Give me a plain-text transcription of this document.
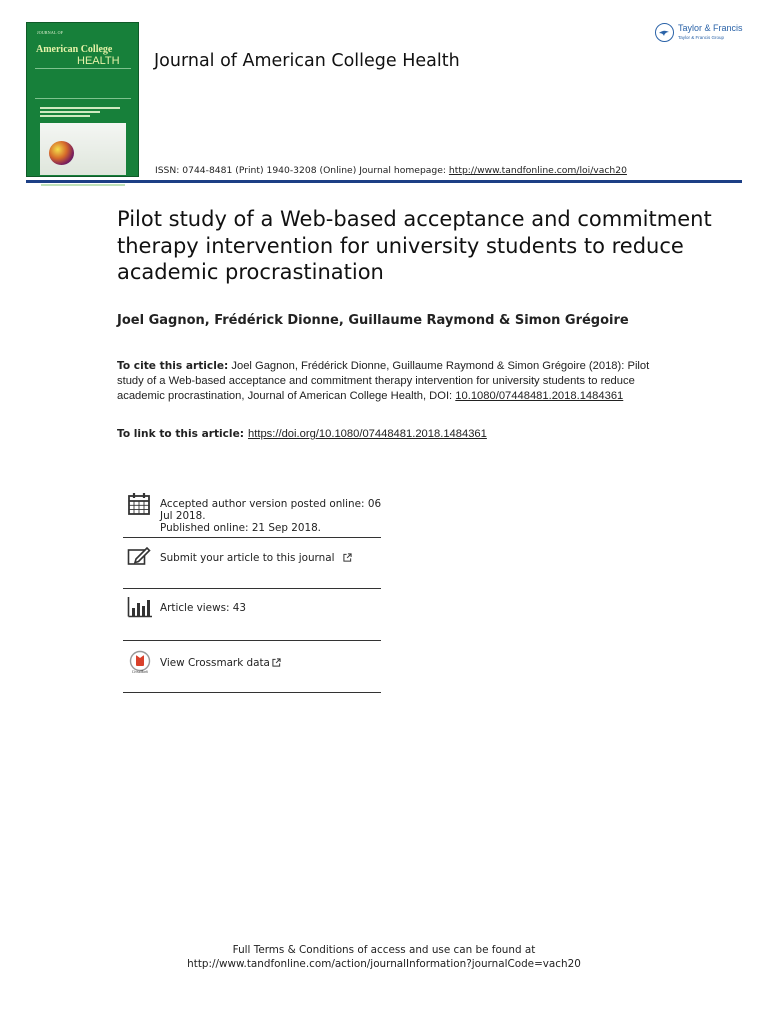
JOURNAL OF
American College
HEALTH Journal of American College Health
Taylor & Francis
Taylor & Francis Group
ISSN: 0744-8481 (Print) 1940-3208 (Online) Journal homepage: http://www.tandfonline.com/loi/vach20
Pilot study of a Web-based acceptance and commitment therapy intervention for university students to reduce academic procrastination
Joel Gagnon, Frédérick Dionne, Guillaume Raymond & Simon Grégoire
To cite this article: Joel Gagnon, Frédérick Dionne, Guillaume Raymond & Simon Grégoire (2018): Pilot study of a Web-based acceptance and commitment therapy intervention for university students to reduce academic procrastination, Journal of American College Health, DOI: 10.1080/07448481.2018.1484361
To link to this article: https://doi.org/10.1080/07448481.2018.1484361
Accepted author version posted online: 06 Jul 2018.
Published online: 21 Sep 2018.
Submit your article to this journal
Article views: 43
CrossMark
View Crossmark data
Full Terms & Conditions of access and use can be found at
http://www.tandfonline.com/action/journalInformation?journalCode=vach20
